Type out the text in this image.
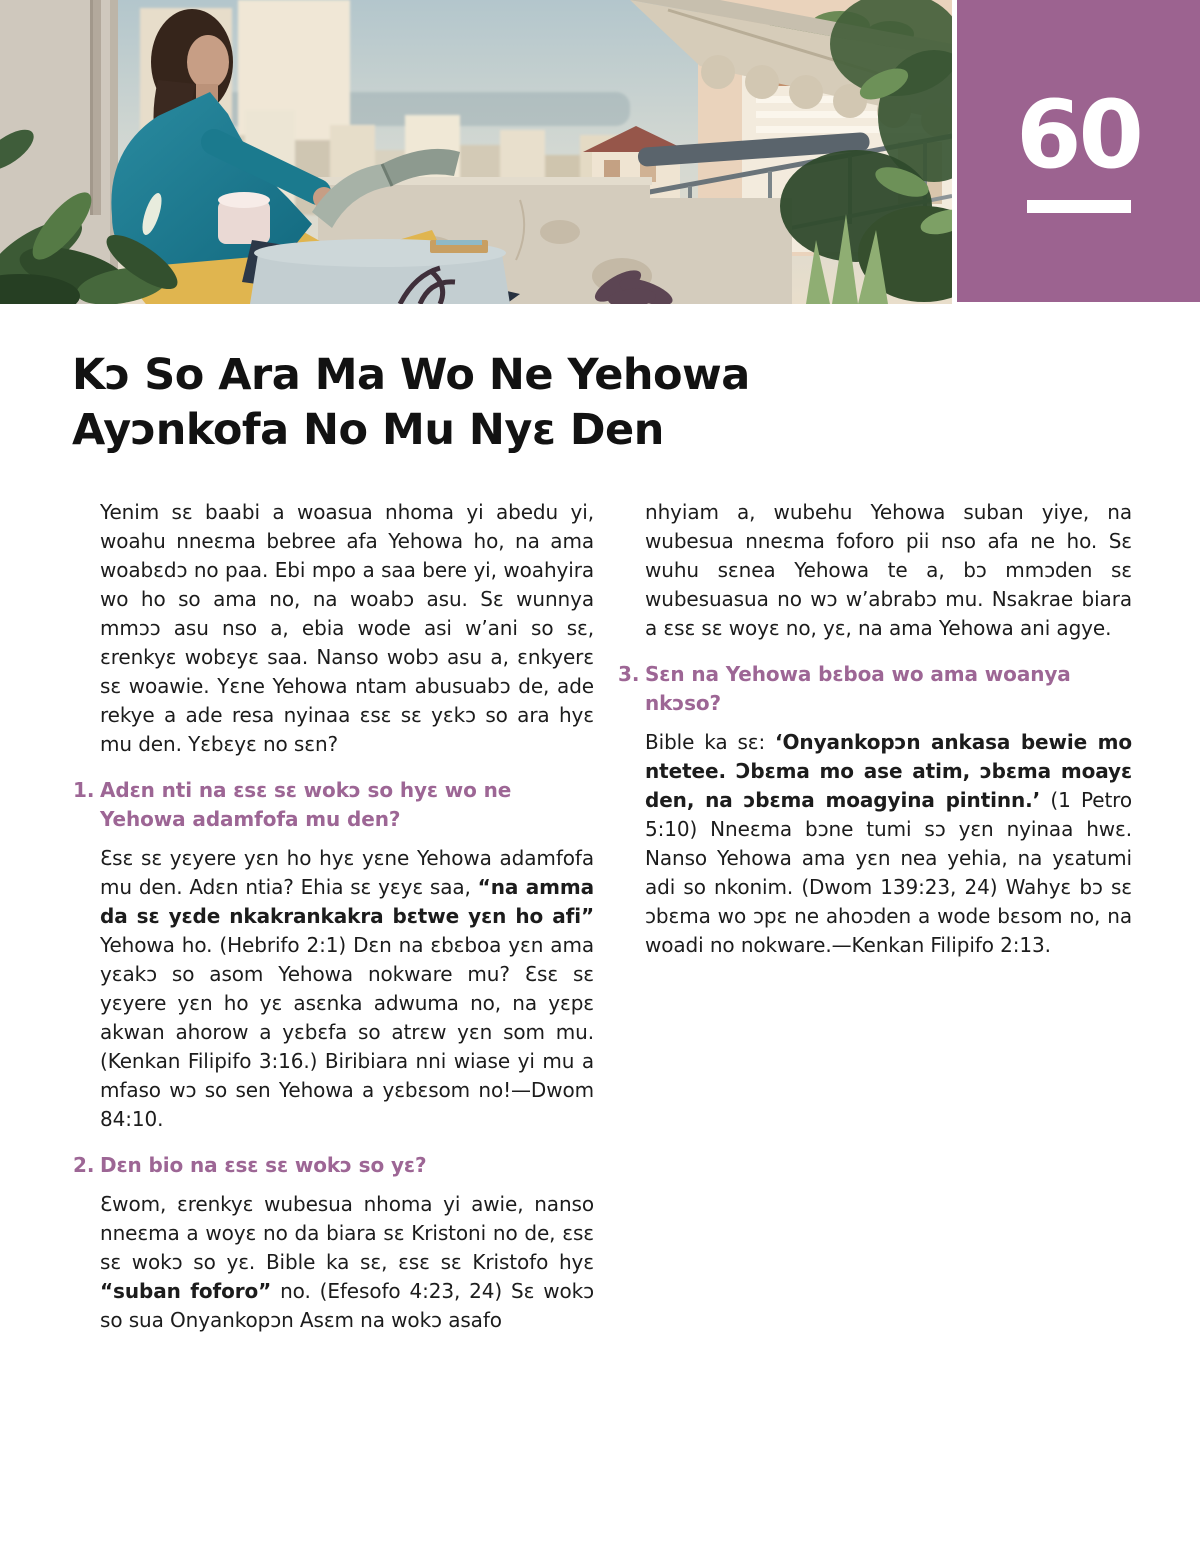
60
Kɔ So Ara Ma Wo Ne Yehowa
Ayɔnkofa No Mu Nyɛ Den

Yenim sɛ baabi a woasua nhoma yi abedu yi, woahu nneɛma bebree afa Yehowa ho, na ama woabɛdɔ no paa. Ebi mpo a saa bere yi, woahyira wo ho so ama no, na woabɔ asu. Sɛ wunnya mmɔɔ asu nso a, ebia wode asi w’ani so sɛ, ɛrenkyɛ wobɛyɛ saa. Nanso wobɔ asu a, ɛnkyerɛ sɛ woawie. Yɛne Yehowa ntam abusuabɔ de, ade rekye a ade resa nyinaa ɛsɛ sɛ yɛkɔ so ara hyɛ mu den. Yɛbɛyɛ no sɛn?

1. Adɛn nti na ɛsɛ sɛ wokɔ so hyɛ wo ne Yehowa adamfofa mu den?

Ɛsɛ sɛ yɛyere yɛn ho hyɛ yɛne Yehowa adamfofa mu den. Adɛn ntia? Ehia sɛ yɛyɛ saa, “na amma da sɛ yɛde nkakrankakra bɛtwe yɛn ho afi” Yehowa ho. (Hebrifo 2:1) Dɛn na ɛbɛboa yɛn ama yɛakɔ so asom Yehowa nokware mu? Ɛsɛ sɛ yɛyere yɛn ho yɛ asɛnka adwuma no, na yɛpɛ akwan ahorow a yɛbɛfa so atrɛw yɛn som mu. (Kenkan Filipifo 3:16.) Biribiara nni wiase yi mu a mfaso wɔ so sen Yehowa a yɛbɛsom no!—Dwom 84:10.

2. Dɛn bio na ɛsɛ sɛ wokɔ so yɛ?

Ɛwom, ɛrenkyɛ wubesua nhoma yi awie, nanso nneɛma a woyɛ no da biara sɛ Kristoni no de, ɛsɛ sɛ wokɔ so yɛ. Bible ka sɛ, ɛsɛ sɛ Kristofo hyɛ “suban foforo” no. (Efesofo 4:23, 24) Sɛ wokɔ so sua Onyankopɔn Asɛm na wokɔ asafo

nhyiam a, wubehu Yehowa suban yiye, na wubesua nneɛma foforo pii nso afa ne ho. Sɛ wuhu sɛnea Yehowa te a, bɔ mmɔden sɛ wubesuasua no wɔ w’abrabɔ mu. Nsakrae biara a ɛsɛ sɛ woyɛ no, yɛ, na ama Yehowa ani agye.

3. Sɛn na Yehowa bɛboa wo ama woanya nkɔso?

Bible ka sɛ: ‘Onyankopɔn ankasa bewie mo ntetee. Ɔbɛma mo ase atim, ɔbɛma moayɛ den, na ɔbɛma moagyina pintinn.’ (1 Petro 5:10) Nneɛma bɔne tumi sɔ yɛn nyinaa hwɛ. Nanso Yehowa ama yɛn nea yehia, na yɛatumi adi so nkonim. (Dwom 139:23, 24) Wahyɛ bɔ sɛ ɔbɛma wo ɔpɛ ne ahoɔden a wode bɛsom no, na woadi no nokware.—Kenkan Filipifo 2:13.
